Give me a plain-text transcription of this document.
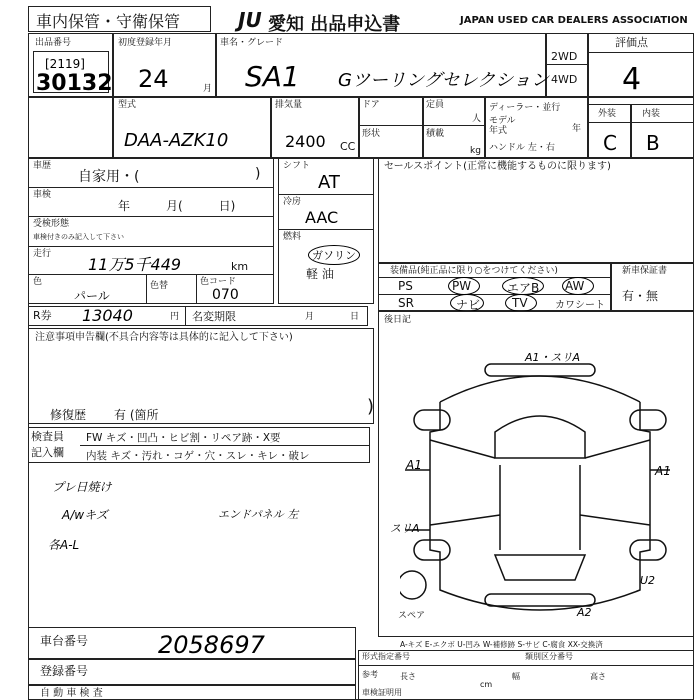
車内保管・守衛保管	JU 愛知 出品申込書	JAPAN USED CAR DEALERS ASSOCIATION
出品番号
[2119]
30132
初度登録年月
24	月
車名・グレード
SA1 Gツーリングセレクション
2WD
4WD
評価点
4
型式
DAA-AZK10
排気量
2400 CC
ドア
形状
定員
人
積載
kg
ディーラー・並行
モデル年式	年
ハンドル 左・右
外装	内装
C B
車歴
自家用・(	)
車検
年　　　月(　　　日)
受検形態
車検付きのみ記入して下さい
走行
11万5千449	km
色
パール
色替	色コード
070
R券 13040	円 名変期限	月	日
シフト
AT
冷房
AAC
燃料
ガソリン
軽 油
セールスポイント(正常に機能するものに限ります)
装備品(純正品に限り○をつけてください)
PS	PW	エアB AW
SR	ナビ	TV	カワシート
新車保証書
有・無
注意事項申告欄(不具合内容等は具体的に記入して下さい)
修復歴 有 (箇所	)
後日記
検査員
記入欄
FW キズ・凹凸・ヒビ割・リペア跡・X要
内装 キズ・汚れ・コゲ・穴・スレ・キレ・破レ
プレ日焼け
A/wキズ
各A-L
エンドパネル 左
A1・スリA
A1
スリA
A1
U2
A2
スペア
A-キズ E-エクボ U-凹み W-補修跡 S-サビ C-腐食 XX-交換済
車台番号	2058697
登録番号
自 動 車 検 査
形式指定番号	類別区分番号
参考	長さ	幅	高さ
cm
車検証明用
